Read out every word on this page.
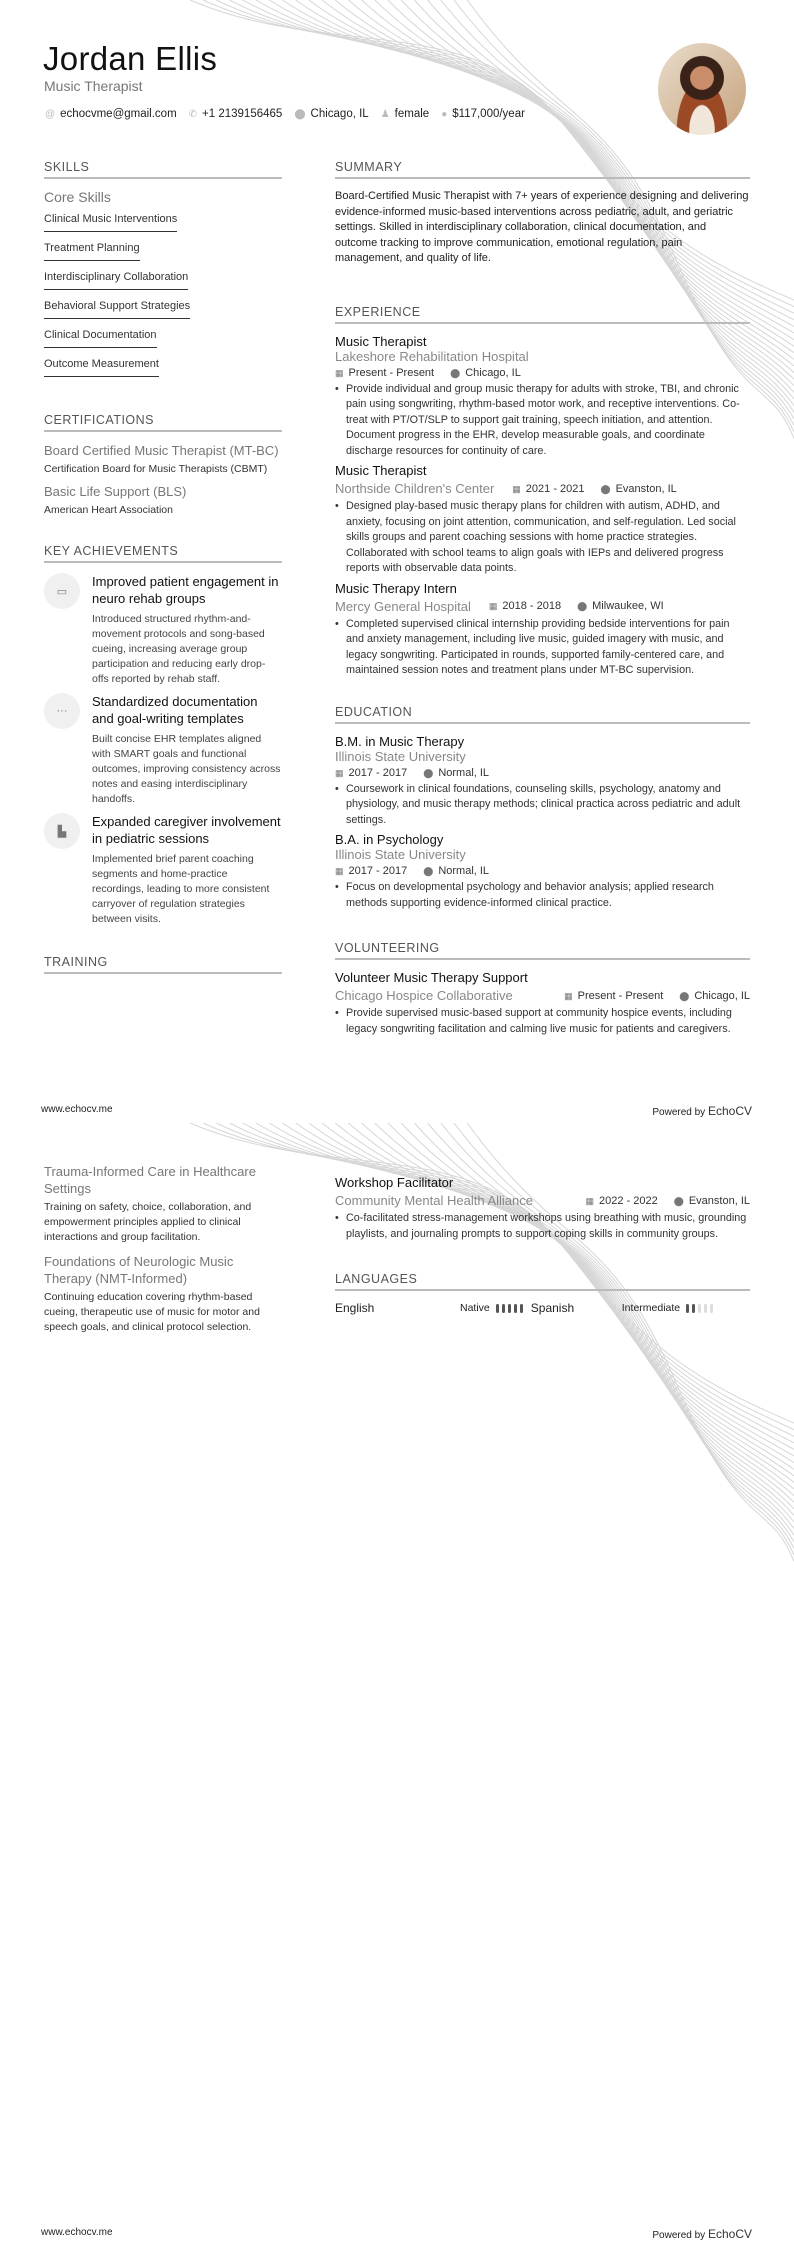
Jordan Ellis
Music Therapist
@ echocvme@gmail.com ✆ +1 2139156465 ⬤ Chicago, IL ♟ female ● $117,000/year
SKILLS
Core Skills
Clinical Music Interventions
Treatment Planning
Interdisciplinary Collaboration
Behavioral Support Strategies
Clinical Documentation
Outcome Measurement
CERTIFICATIONS
Board Certified Music Therapist (MT-BC)
Certification Board for Music Therapists (CBMT)
Basic Life Support (BLS)
American Heart Association
KEY ACHIEVEMENTS
▭
Improved patient engagement in neuro rehab groups
Introduced structured rhythm-and-movement protocols and song-based cueing, increasing average group participation and reducing early drop-offs reported by rehab staff.
···
Standardized documentation and goal-writing templates
Built concise EHR templates aligned with SMART goals and functional outcomes, improving consistency across notes and easing interdisciplinary handoffs.
▙
Expanded caregiver involvement in pediatric sessions
Implemented brief parent coaching segments and home-practice recordings, leading to more consistent carryover of regulation strategies between visits.
TRAINING
SUMMARY
Board-Certified Music Therapist with 7+ years of experience designing and delivering evidence-informed music-based interventions across pediatric, adult, and geriatric settings. Skilled in interdisciplinary collaboration, clinical documentation, and outcome tracking to improve communication, emotional regulation, pain management, and quality of life.
EXPERIENCE
Music Therapist
Lakeshore Rehabilitation Hospital
▦ Present - Present ⬤ Chicago, IL
• Provide individual and group music therapy for adults with stroke, TBI, and chronic pain using songwriting, rhythm-based motor work, and receptive interventions. Co-treat with PT/OT/SLP to support gait training, speech initiation, and attention. Document progress in the EHR, develop measurable goals, and coordinate discharge resources for continuity of care.
Music Therapist
Northside Children's Center ▦ 2021 - 2021 ⬤ Evanston, IL
• Designed play-based music therapy plans for children with autism, ADHD, and anxiety, focusing on joint attention, communication, and self-regulation. Led social skills groups and parent coaching sessions with home practice strategies. Collaborated with school teams to align goals with IEPs and delivered progress reports with observable data points.
Music Therapy Intern
Mercy General Hospital ▦ 2018 - 2018 ⬤ Milwaukee, WI
• Completed supervised clinical internship providing bedside interventions for pain and anxiety management, including live music, guided imagery with music, and legacy songwriting. Participated in rounds, supported family-centered care, and maintained session notes and treatment plans under MT-BC supervision.
EDUCATION
B.M. in Music Therapy
Illinois State University
▦ 2017 - 2017 ⬤ Normal, IL
• Coursework in clinical foundations, counseling skills, psychology, anatomy and physiology, and music therapy methods; clinical practica across pediatric and adult settings.
B.A. in Psychology
Illinois State University
▦ 2017 - 2017 ⬤ Normal, IL
• Focus on developmental psychology and behavior analysis; applied research methods supporting evidence-informed clinical practice.
VOLUNTEERING
Volunteer Music Therapy Support
Chicago Hospice Collaborative	▦ Present - Present ⬤ Chicago, IL
• Provide supervised music-based support at community hospice events, including legacy songwriting facilitation and calming live music for patients and caregivers.
www.echocv.me	Powered by EchoCV
Trauma-Informed Care in Healthcare Settings
Training on safety, choice, collaboration, and empowerment principles applied to clinical interactions and group facilitation.
Foundations of Neurologic Music Therapy (NMT-Informed)
Continuing education covering rhythm-based cueing, therapeutic use of music for motor and speech goals, and clinical protocol selection.
Workshop Facilitator
Community Mental Health Alliance	▦ 2022 - 2022 ⬤ Evanston, IL
• Co-facilitated stress-management workshops using breathing with music, grounding playlists, and journaling prompts to support coping skills in community groups.
LANGUAGES
English	Native	Spanish	Intermediate
www.echocv.me	Powered by EchoCV
